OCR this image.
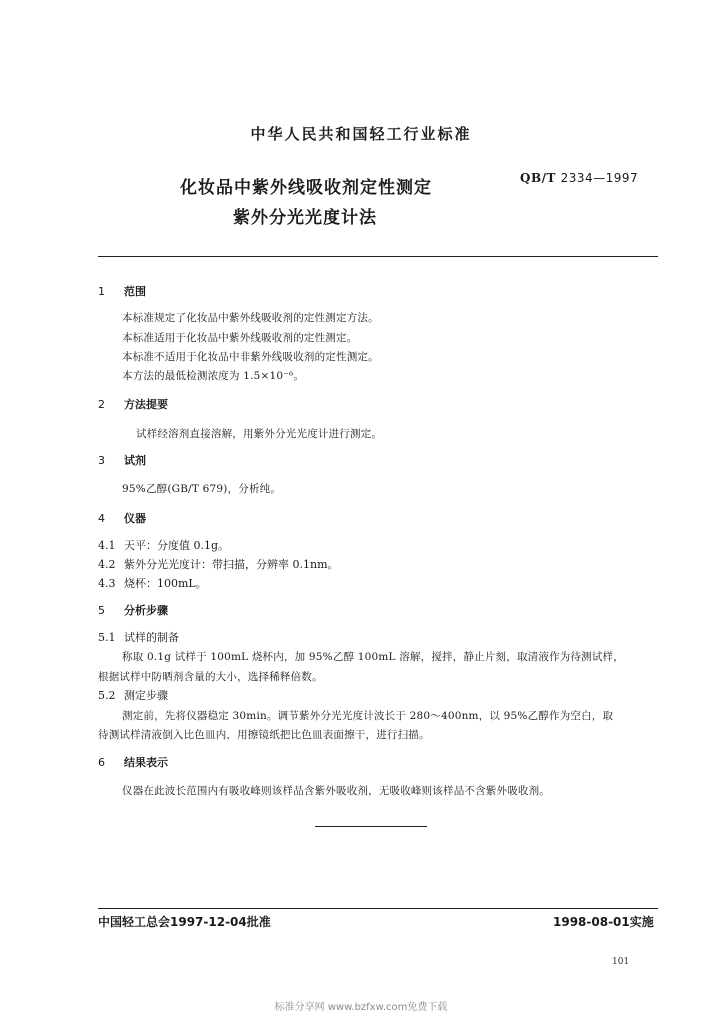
中华人民共和国轻工行业标准
化妆品中紫外线吸收剂定性测定
紫外分光光度计法
QB/T 2334—1997
1 范围
本标准规定了化妆品中紫外线吸收剂的定性测定方法。
本标准适用于化妆品中紫外线吸收剂的定性测定。
本标准不适用于化妆品中非紫外线吸收剂的定性测定。
本方法的最低检测浓度为 1.5×10⁻⁶。
2 方法提要
试样经溶剂直接溶解，用紫外分光光度计进行测定。
3 试剂
95%乙醇(GB/T 679)，分析纯。
4 仪器
4.1 天平：分度值 0.1g。
4.2 紫外分光光度计：带扫描，分辨率 0.1nm。
4.3 烧杯：100mL。
5 分析步骤
5.1 试样的制备
称取 0.1g 试样于 100mL 烧杯内，加 95%乙醇 100mL 溶解，搅拌，静止片刻，取清液作为待测试样，
根据试样中防晒剂含量的大小，选择稀释倍数。
5.2 测定步骤
测定前，先将仪器稳定 30min。调节紫外分光光度计波长于 280～400nm，以 95%乙醇作为空白，取
待测试样清液倒入比色皿内，用擦镜纸把比色皿表面擦干，进行扫描。
6 结果表示
仪器在此波长范围内有吸收峰则该样品含紫外吸收剂，无吸收峰则该样品不含紫外吸收剂。
中国轻工总会1997-12-04批准	1998-08-01实施
101
标准分享网 www.bzfxw.com免费下载
